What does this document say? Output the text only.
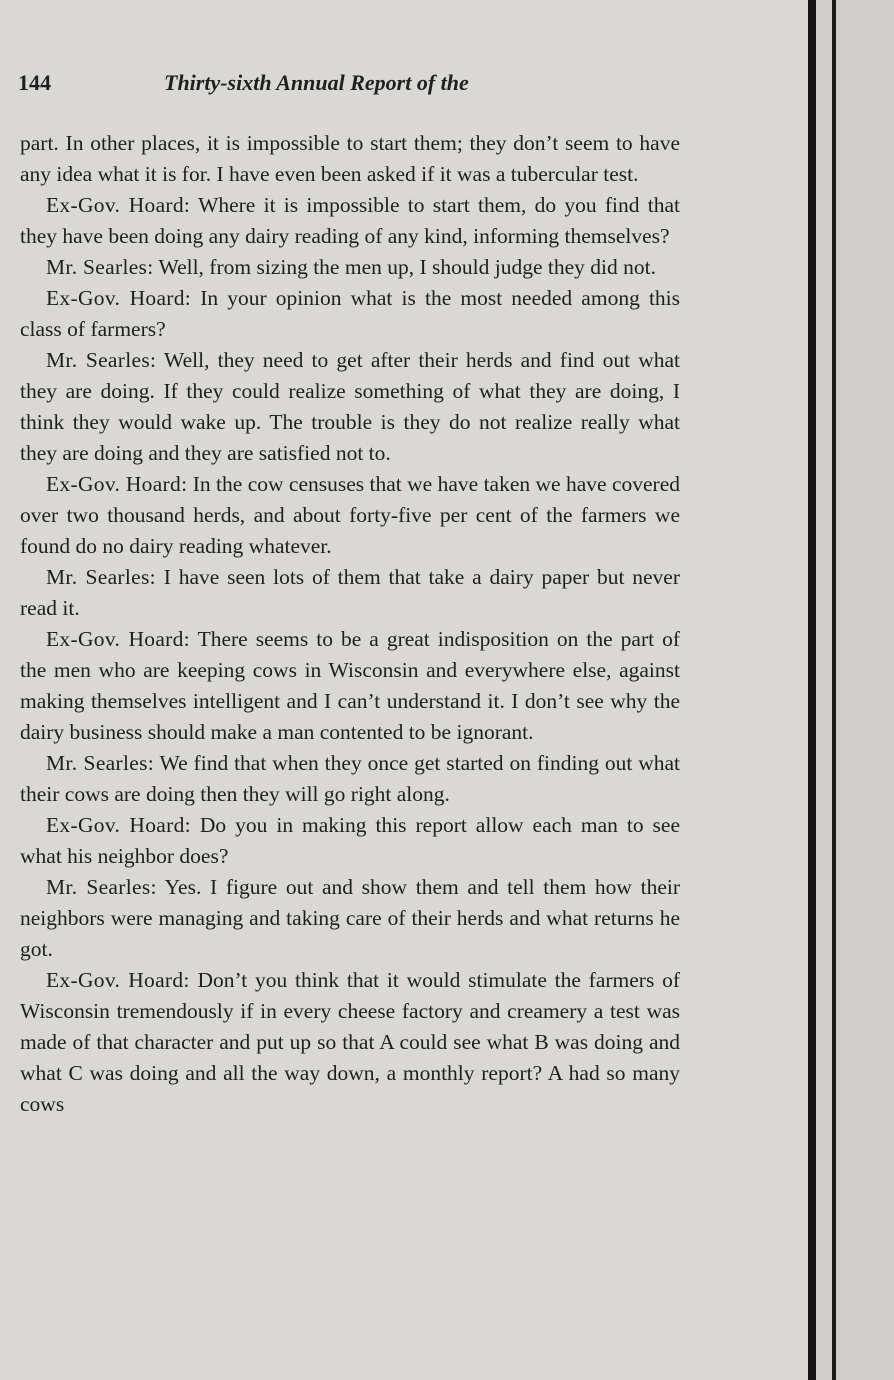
144	Thirty-sixth Annual Report of the

part. In other places, it is impossible to start them; they don’t seem to have any idea what it is for. I have even been asked if it was a tubercular test.

Ex-Gov. Hoard: Where it is impossible to start them, do you find that they have been doing any dairy reading of any kind, informing themselves?

Mr. Searles: Well, from sizing the men up, I should judge they did not.

Ex-Gov. Hoard: In your opinion what is the most needed among this class of farmers?

Mr. Searles: Well, they need to get after their herds and find out what they are doing. If they could realize something of what they are doing, I think they would wake up. The trouble is they do not realize really what they are doing and they are satisfied not to.

Ex-Gov. Hoard: In the cow censuses that we have taken we have covered over two thousand herds, and about forty-five per cent of the farmers we found do no dairy reading whatever.

Mr. Searles: I have seen lots of them that take a dairy paper but never read it.

Ex-Gov. Hoard: There seems to be a great indisposition on the part of the men who are keeping cows in Wisconsin and everywhere else, against making themselves intelligent and I can’t understand it. I don’t see why the dairy business should make a man contented to be ignorant.

Mr. Searles: We find that when they once get started on finding out what their cows are doing then they will go right along.

Ex-Gov. Hoard: Do you in making this report allow each man to see what his neighbor does?

Mr. Searles: Yes. I figure out and show them and tell them how their neighbors were managing and taking care of their herds and what returns he got.

Ex-Gov. Hoard: Don’t you think that it would stimulate the farmers of Wisconsin tremendously if in every cheese factory and creamery a test was made of that character and put up so that A could see what B was doing and what C was doing and all the way down, a monthly report? A had so many cows
